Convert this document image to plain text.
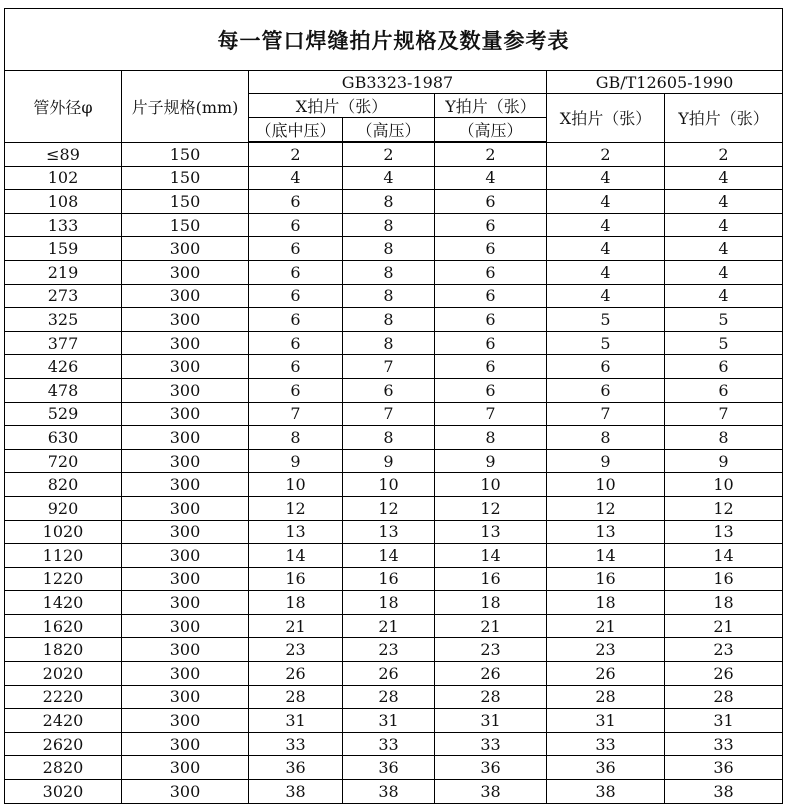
每一管口焊缝拍片规格及数量参考表						
管外径φ	片子规格(mm)	GB3323-1987			GB/T12605-1990	
		X拍片（张）		Y拍片（张）	X拍片（张）	Y拍片（张）
		（底中压）	（高压）	（高压）		
≤89	150	2	2	2	2	2
102	150	4	4	4	4	4
108	150	6	8	6	4	4
133	150	6	8	6	4	4
159	300	6	8	6	4	4
219	300	6	8	6	4	4
273	300	6	8	6	4	4
325	300	6	8	6	5	5
377	300	6	8	6	5	5
426	300	6	7	6	6	6
478	300	6	6	6	6	6
529	300	7	7	7	7	7
630	300	8	8	8	8	8
720	300	9	9	9	9	9
820	300	10	10	10	10	10
920	300	12	12	12	12	12
1020	300	13	13	13	13	13
1120	300	14	14	14	14	14
1220	300	16	16	16	16	16
1420	300	18	18	18	18	18
1620	300	21	21	21	21	21
1820	300	23	23	23	23	23
2020	300	26	26	26	26	26
2220	300	28	28	28	28	28
2420	300	31	31	31	31	31
2620	300	33	33	33	33	33
2820	300	36	36	36	36	36
3020	300	38	38	38	38	38
